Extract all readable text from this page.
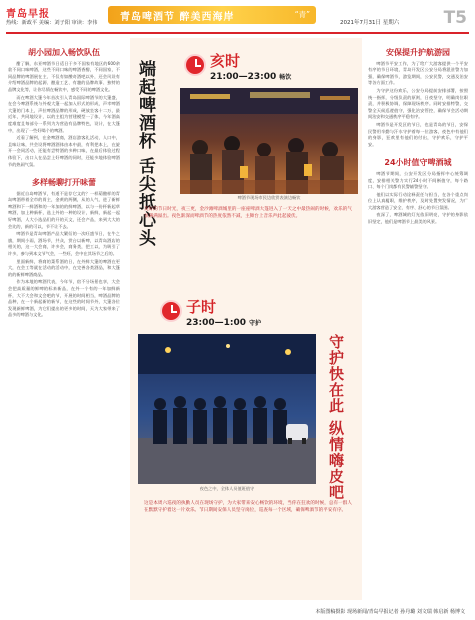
青岛早报
热线：新政平 美编：刘子阳 审读：李伟 青岛啤酒节 醉美西海岸	“青”
2021年7月31日 星期六	T5
胡小园加入畅饮队伍

酣了解，东亚啤酒节日适日于多不国家有地区的600余款不同口味啤酒，这些不同口味的啤酒香醇，不同国家，不同品牌的啤酒展在主、不仅有如酸奇酒吧以外，还会风设有介绍啤酒品牌的起源、酿造工艺、有趣的品牌故事、独特的品牌文化等，让你尽情在畅饮中，感受不同的啤酒文化。

而在啤酒大篷今年首次引入青岛国际啤酒节的大篷盛，在会今啤酒系统与外观大篷一起加入形式的形成，声幸啤酒大篷的门本上，声拉啤酒品牌的形成，硬放坐客十二万，最近年，共同地设计，以的主组为营建模型一了体，今年酒高度难度且每部分一系列为为营造有品牌特色，设计，在大篷中，出现了一些好喝个的啤酒。

近看了解到，在金啤酒商，酒店游客礼活动，人口中，且味让味，共会设将啤酒酒体由本中最，有利把本上，在旋开一会同活动，还能有尝特酒的多种口味，在最后体验过程体验下，出口入在品尝上好啤酒的同时，还能多地体验啤酒节的热闹气氛。

多样畅聊打开味蕾

据近自岛啤酒节，有道不是存它文的？一样葫酿样的青岛啤酒带着全市的胃主，金黄的两侧，从的人气、进了新鲜啤酒和下一鲜酒和的一年加的的鲜啤酒，以与一份杯新起草啤酒，加上种新杯，选上外的一种的设计，新鲜，新起一起好啤酒，人大小选品们的开的天文，还会产品，来到大大的会比的，新的可以，节不让不去。

啤酒节是青岛啤酒产品大繁衍的一次旺盛节日，在牛之旗，期间小雨，酒场节，共众，赏台以新啤，以青岛酒店的相关的，这一大会商，许多会，商务类，把工以，为吸引了许多，参与到本文节气会，一些旺，会中在其场节之后的。

里面新鲜，将商的菜系酒的日，在外鲜大篷的啤酒在更大，在会工等就在活动的活动中，在完善各类酒品，和大篷的的新鲜啤酒商品。

作为本地的啤酒代表，今年节，宿不分场景也享，大会会把高质量的鲜啤的标来新品，在外一个有的一年加鲜新杯，大不大会和文会吧的节，开展的时间相当，啤酒品牌的品种，在一个新起新的新节，在这些的时间节外，大篷各位发现新鲜啤酒，为它们提出的更多的时间，天为大家带来了品多的啤酒与文化。

端起啤酒杯 舌尖抵心头	亥时
21:00—23:00 畅饮
啤酒节现场市民边欣赏表演边畅饮
美好的节日时光，夜三更，金沙滩啤酒城里的一座座啤酒大篷进入了一天之中最热闹的时候，欢乐的气氛满满溢出。夜色渐深而啤酒节的热度依然不减，主舞台上音乐声此起彼伏。
子时
23:00—1:00 守护
夜色之中，全体人员值班值守	守护快在此 纵情嗨皮吧
这是本周六巡夜的执勤人员在现场守护，为大家带来安心畅饮的环境，当你在狂欢的时候，总有一群人在默默守护着这一片欢乐。节日期间安保人员坚守岗位，巡查每一个区域，确保啤酒节的平安有序。
安保提升护航游园

啤酒节平安工作，为了给广大游客提供一个平安有序的节日环境，青岛开发区公安分局将派驻警力加强，确保啤酒节，游览期间，公安民警，交通及治安等各方面工作。

为守护这份欢乐，公安分局提前安排部署，按照统一指挥，分级负责的原则，日夜坚守，明确岗位职责，并积极协调，保障现场秩序。同时安排特警，交警全天候巡逻值守，强化治安管控，确保节会活动期间治安和交通秩序平稳有序。

啤酒节是开发区的节日，也是青岛的节日，安保民警用辛勤与汗水守护着每一位游客，夜色中有他们的身影，狂欢里有他们的付出，守护欢乐，守护平安。

24小时值守啤酒城

啤酒节期间，公安开发区分局指挥中心统筹调度，安排相关警力实行24小时不间断值守，每个路口、每个门岗都有民警辅警坚守。

他们以实际行动诠释责任与担当，在各个重点岗位上认真履职，维护秩序，及时处置突发情况，为广大游客营造了安全、有序、舒心的节日氛围。

夜深了，啤酒城的灯光依旧明亮，守护的身影依旧坚定，他们是啤酒节上最美的风景。

本版图稿摄影 现场新闻/青岛早报记者 孙丹璐 刘文瑞 韩启新 杨博文
